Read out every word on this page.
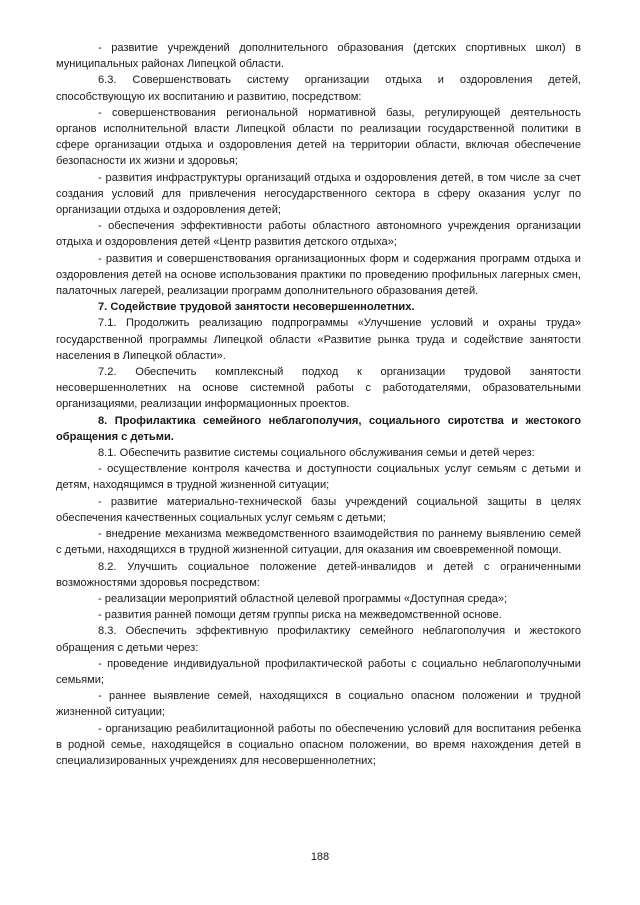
- развитие учреждений дополнительного образования (детских спортивных школ) в муниципальных районах Липецкой области.

6.3. Совершенствовать систему организации отдыха и оздоровления детей, способствующую их воспитанию и развитию, посредством:

- совершенствования региональной нормативной базы, регулирующей деятельность органов исполнительной власти Липецкой области по реализации государственной политики в сфере организации отдыха и оздоровления детей на территории области, включая обеспечение безопасности их жизни и здоровья;

- развития инфраструктуры организаций отдыха и оздоровления детей, в том числе за счет создания условий для привлечения негосударственного сектора в сферу оказания услуг по организации отдыха и оздоровления детей;

- обеспечения эффективности работы областного автономного учреждения организации отдыха и оздоровления детей «Центр развития детского отдыха»;

- развития и совершенствования организационных форм и содержания программ отдыха и оздоровления детей на основе использования практики по проведению профильных лагерных смен, палаточных лагерей, реализации программ дополнительного образования детей.

7. Содействие трудовой занятости несовершеннолетних.

7.1. Продолжить реализацию подпрограммы «Улучшение условий и охраны труда» государственной программы Липецкой области «Развитие рынка труда и содействие занятости населения в Липецкой области».

7.2. Обеспечить комплексный подход к организации трудовой занятости несовершеннолетних на основе системной работы с работодателями, образовательными организациями, реализации информационных проектов.

8. Профилактика семейного неблагополучия, социального сиротства и жестокого обращения с детьми.

8.1. Обеспечить развитие системы социального обслуживания семьи и детей через:

- осуществление контроля качества и доступности социальных услуг семьям с детьми и детям, находящимся в трудной жизненной ситуации;

- развитие материально-технической базы учреждений социальной защиты в целях обеспечения качественных социальных услуг семьям с детьми;

- внедрение механизма межведомственного взаимодействия по раннему выявлению семей с детьми, находящихся в трудной жизненной ситуации, для оказания им своевременной помощи.

8.2. Улучшить социальное положение детей-инвалидов и детей с ограниченными возможностями здоровья посредством:

- реализации мероприятий областной целевой программы «Доступная среда»;

- развития ранней помощи детям группы риска на межведомственной основе.

8.3. Обеспечить эффективную профилактику семейного неблагополучия и жестокого обращения с детьми через:

- проведение индивидуальной профилактической работы с социально неблагополучными семьями;

- раннее выявление семей, находящихся в социально опасном положении и трудной жизненной ситуации;

- организацию реабилитационной работы по обеспечению условий для воспитания ребенка в родной семье, находящейся в социально опасном положении, во время нахождения детей в специализированных учреждениях для несовершеннолетних;

188
